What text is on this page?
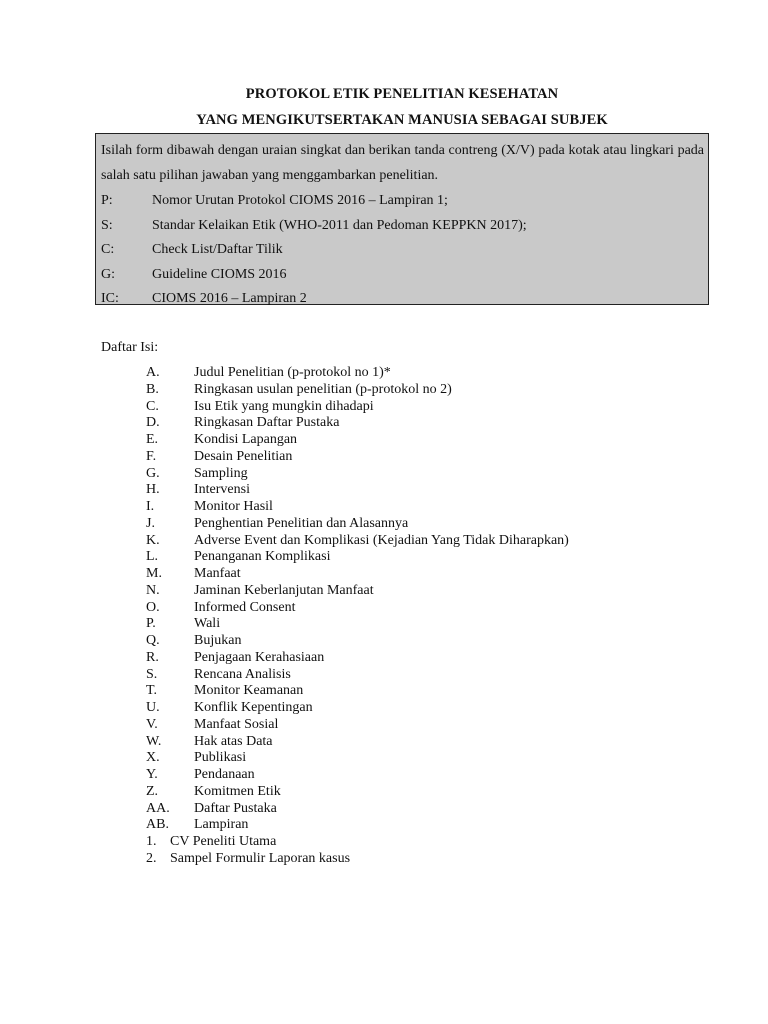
PROTOKOL ETIK PENELITIAN KESEHATAN
YANG MENGIKUTSERTAKAN MANUSIA SEBAGAI SUBJEK
Isilah form dibawah dengan uraian singkat dan berikan tanda contreng (X/V) pada kotak atau lingkari pada salah satu pilihan jawaban yang menggambarkan penelitian.
P:	Nomor Urutan Protokol CIOMS 2016 – Lampiran 1;
S:	Standar Kelaikan Etik (WHO-2011 dan Pedoman KEPPKN 2017);
C:	Check List/Daftar Tilik
G:	Guideline CIOMS 2016
IC: CIOMS 2016 – Lampiran 2
Daftar Isi:
A. Judul Penelitian (p-protokol no 1)*
B.	Ringkasan usulan penelitian (p-protokol no 2)
C.	Isu Etik yang mungkin dihadapi
D. Ringkasan Daftar Pustaka
E.	Kondisi Lapangan
F.	Desain Penelitian
G. Sampling
H. Intervensi
I.	Monitor Hasil
J.	Penghentian Penelitian dan Alasannya
K. Adverse Event dan Komplikasi (Kejadian Yang Tidak Diharapkan)
L.	Penanganan Komplikasi
M. Manfaat
N. Jaminan Keberlanjutan Manfaat
O. Informed Consent
P.	Wali
Q. Bujukan
R.	Penjagaan Kerahasiaan
S.	Rencana Analisis
T.	Monitor Keamanan
U. Konflik Kepentingan
V.	Manfaat Sosial
W. Hak atas Data
X. Publikasi
Y.	Pendanaan
Z.	Komitmen Etik
AA. Daftar Pustaka
AB. Lampiran
1. CV Peneliti Utama
2. Sampel Formulir Laporan kasus
